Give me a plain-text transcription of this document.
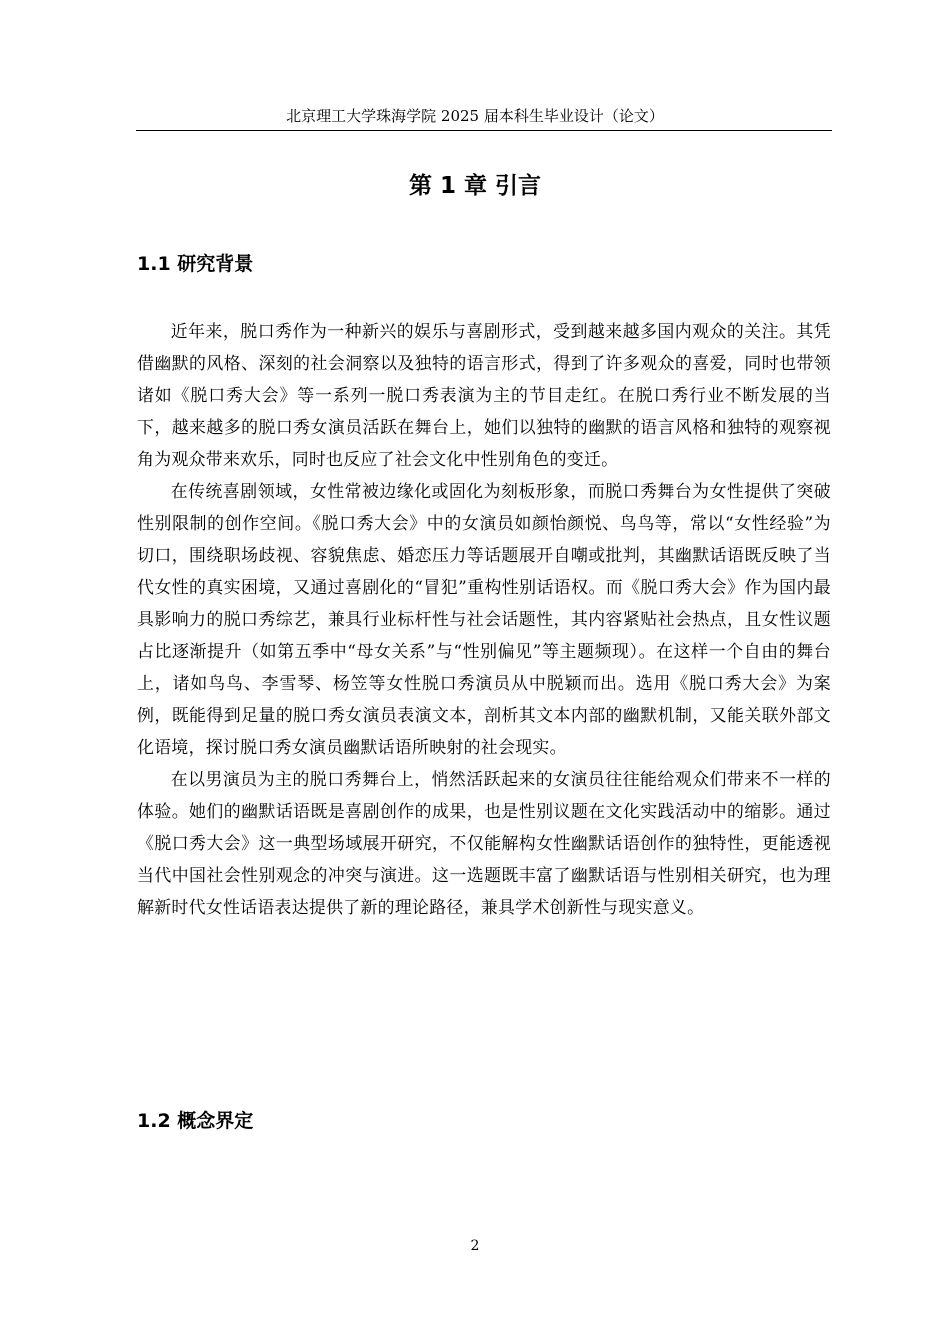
北京理工大学珠海学院 2025 届本科生毕业设计（论文）
第 1 章 引言
1.1 研究背景

近年来，脱口秀作为一种新兴的娱乐与喜剧形式，受到越来越多国内观众的关注。其凭借幽默的风格、深刻的社会洞察以及独特的语言形式，得到了许多观众的喜爱，同时也带领诸如《脱口秀大会》等一系列一脱口秀表演为主的节目走红。在脱口秀行业不断发展的当下，越来越多的脱口秀女演员活跃在舞台上，她们以独特的幽默的语言风格和独特的观察视角为观众带来欢乐，同时也反应了社会文化中性别角色的变迁。

在传统喜剧领域，女性常被边缘化或固化为刻板形象，而脱口秀舞台为女性提供了突破性别限制的创作空间。《脱口秀大会》中的女演员如颜怡颜悦、鸟鸟等，常以“女性经验”为切口，围绕职场歧视、容貌焦虑、婚恋压力等话题展开自嘲或批判，其幽默话语既反映了当代女性的真实困境，又通过喜剧化的“冒犯”重构性别话语权。而《脱口秀大会》作为国内最具影响力的脱口秀综艺，兼具行业标杆性与社会话题性，其内容紧贴社会热点，且女性议题占比逐渐提升（如第五季中“母女关系”与“性别偏见”等主题频现）。在这样一个自由的舞台上，诸如鸟鸟、李雪琴、杨笠等女性脱口秀演员从中脱颖而出。选用《脱口秀大会》为案例，既能得到足量的脱口秀女演员表演文本，剖析其文本内部的幽默机制，又能关联外部文化语境，探讨脱口秀女演员幽默话语所映射的社会现实。

在以男演员为主的脱口秀舞台上，悄然活跃起来的女演员往往能给观众们带来不一样的体验。她们的幽默话语既是喜剧创作的成果，也是性别议题在文化实践活动中的缩影。通过《脱口秀大会》这一典型场域展开研究，不仅能解构女性幽默话语创作的独特性，更能透视当代中国社会性别观念的冲突与演进。这一选题既丰富了幽默话语与性别相关研究，也为理解新时代女性话语表达提供了新的理论路径，兼具学术创新性与现实意义。

1.2 概念界定
2
